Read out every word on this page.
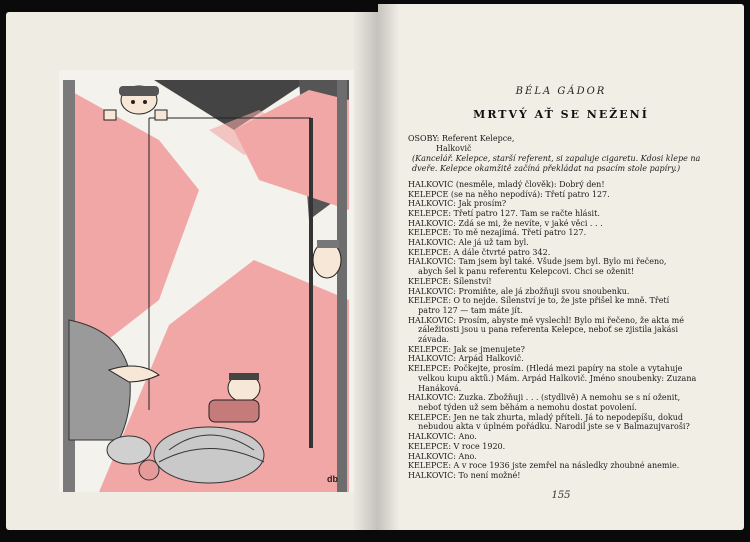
db
BÉLA GÁDOR
MRTVÝ AŤ SE NEŽENÍ
OSOBY: Referent Kelepce,
Halkovič
(Kancelář. Kelepce, starší referent, si zapaluje cigaretu. Kdosi klepe na dveře. Kelepce okamžitě začíná překládat na psacím stole papíry.)
HALKOVIČ (nesměle, mladý člověk): Dobrý den!
KELEPCE (se na něho nepodívá): Třetí patro 127.
HALKOVIČ: Jak prosím?
KELEPCE: Třetí patro 127. Tam se račte hlásit.
HALKOVIČ: Zdá se mi, že nevíte, v jaké věci . . .
KELEPCE: To mě nezajímá. Třetí patro 127.
HALKOVIČ: Ale já už tam byl.
KELEPCE: A dále čtvrté patro 342.
HALKOVIČ: Tam jsem byl také. Všude jsem byl. Bylo mi řečeno,
abych šel k panu referentu Kelepcovi. Chci se oženit!
KELEPCE: Šílenství!
HALKOVIČ: Promiňte, ale já zbožňuji svou snoubenku.
KELEPCE: O to nejde. Šílenství je to, že jste přišel ke mně. Třetí
patro 127 — tam máte jít.
HALKOVIČ: Prosím, abyste mě vyslechl! Bylo mi řečeno, že akta mé
záležitosti jsou u pana referenta Kelepce, neboť se zjistila jakási
závada.
KELEPCE: Jak se jmenujete?
HALKOVIČ: Arpád Halkovič.
KELEPCE: Počkejte, prosím. (Hledá mezi papíry na stole a vytahuje
velkou kupu aktů.) Mám. Arpád Halkovič. Jméno snoubenky: Zuzana
Hanáková.
HALKOVIČ: Zuzka. Zbožňuji . . . (stydlivě) A nemohu se s ní oženit,
neboť týden už sem běhám a nemohu dostat povolení.
KELEPCE: Jen ne tak zhurta, mladý příteli. Já to nepodepíšu, dokud
nebudou akta v úplném pořádku. Narodil jste se v Balmazujvaroši?
HALKOVIČ: Ano.
KELEPCE: V roce 1920.
HALKOVIČ: Ano.
KELEPCE: A v roce 1936 jste zemřel na následky zhoubné anemie.
HALKOVIČ: To není možné!
155
